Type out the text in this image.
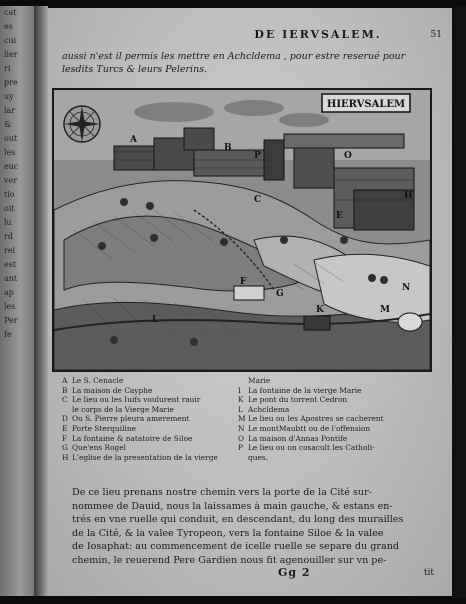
cat
es
cui
lier
ri
pre
uy
lar
&
out
les
euc
ver
tio
oit
lu
rd
rei
est
ant
ap
les
Per
fe
DE IERVSALEM.	51
aussi n'est il permis les mettre en Achcldema , pour estre reserué pour lesdits Turcs & leurs Pelerins.
HIERVSALEM
A
B
P	O
C
E
H
F
G
K
L
M
N
A Le S. Cenacle
B La maison de Cayphe
C Le lieu ou les Iuifs voulurent rauir
le corps de la Vierge Marie
D Ou S. Pierre pleura amerement
E Porte Sterquiline
F La fontaine & natatoire de Siloe
G Que'ens Rogel
H L'eglise de la presentation de la vierge
Marie
I La fontaine de la vierge Marie
K Le pont du torrent Cedron
L Achcldema
M Le lieu ou les Apostres se cacherent
N Le montMaubtt ou de l'offension
O La maison d'Annas Pontife
P Le lieu ou on cosacult les Catholi-
ques.

De ce lieu prenans nostre chemin vers la porte de la Cité sur-

nommee de Dauid, nous la laissames à main gauche, & estans en-

trés en vne ruelle qui conduit, en descendant, du long des murailles

de la Cité, & la valee Tyropeon, vers la fontaine Siloe & la valee

de Iosaphat: au commencement de icelle ruelle se separe du grand

chemin, le reuerend Pere Gardien nous fit agenouiller sur vn pe-

Gg 2	tit
